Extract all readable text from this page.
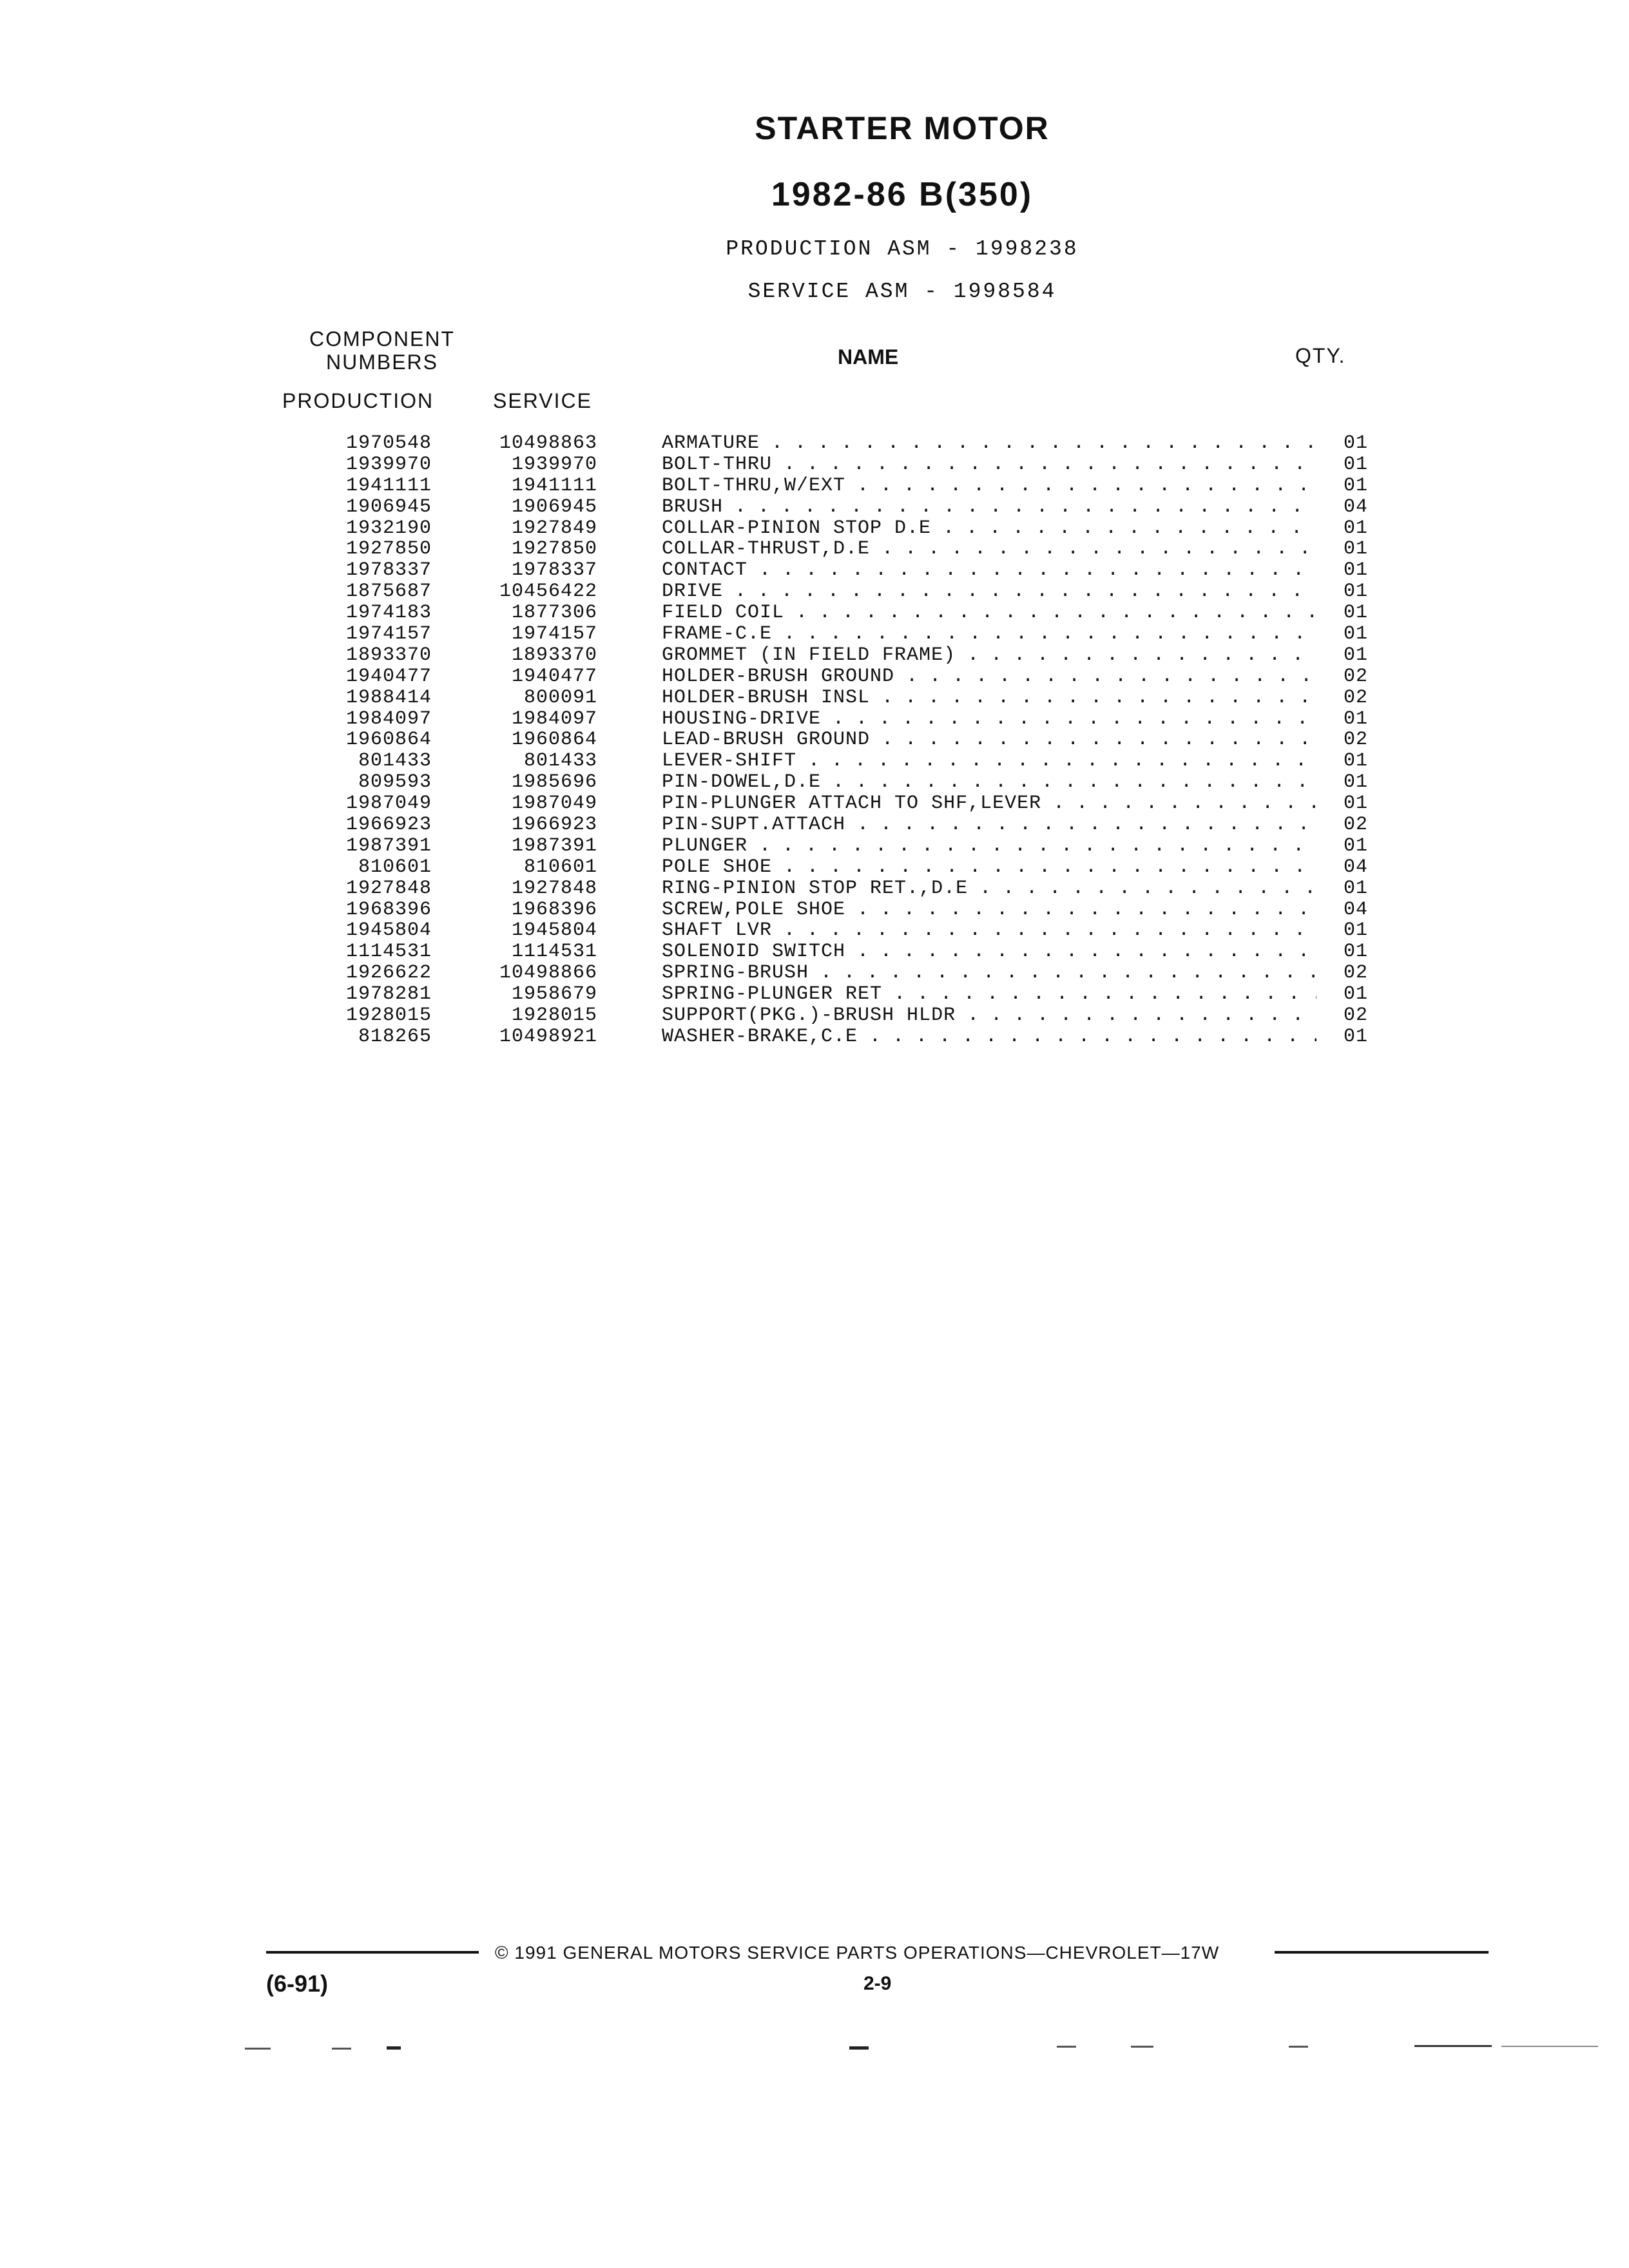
STARTER MOTOR
1982-86 B(350)
PRODUCTION ASM - 1998238
SERVICE ASM - 1998584
COMPONENT
NUMBERS	NAME	QTY.
PRODUCTION	SERVICE
1970548	10498863	ARMATURE . . .	01
1939970	1939970	BOLT-THRU . . .	01
1941111	1941111	BOLT-THRU,W/EXT . . .	01
1906945	1906945	BRUSH . . .	04
1932190	1927849	COLLAR-PINION STOP D.E . . .	01
1927850	1927850	COLLAR-THRUST,D.E . . .	01
1978337	1978337	CONTACT . . .	01
1875687	10456422	DRIVE . . .	01
1974183	1877306	FIELD COIL . . .	01
1974157	1974157	FRAME-C.E . . .	01
1893370	1893370	GROMMET (IN FIELD FRAME) . . .	01
1940477	1940477	HOLDER-BRUSH GROUND . . .	02
1988414	800091	HOLDER-BRUSH INSL . . .	02
1984097	1984097	HOUSING-DRIVE . . .	01
1960864	1960864	LEAD-BRUSH GROUND . . .	02
801433	801433	LEVER-SHIFT . . .	01
809593	1985696	PIN-DOWEL,D.E . . .	01
1987049	1987049	PIN-PLUNGER ATTACH TO SHF,LEVER . . .	01
1966923	1966923	PIN-SUPT.ATTACH . . .	02
1987391	1987391	PLUNGER . . .	01
810601	810601	POLE SHOE . . .	04
1927848	1927848	RING-PINION STOP RET.,D.E . . .	01
1968396	1968396	SCREW,POLE SHOE . . .	04
1945804	1945804	SHAFT LVR . . .	01
1114531	1114531	SOLENOID SWITCH . . .	01
1926622	10498866	SPRING-BRUSH . . .	02
1978281	1958679	SPRING-PLUNGER RET . . .	01
1928015	1928015	SUPPORT(PKG.)-BRUSH HLDR . . .	02
818265	10498921	WASHER-BRAKE,C.E . . .	01
© 1991 GENERAL MOTORS SERVICE PARTS OPERATIONS—CHEVROLET—17W
(6-91)	2-9
